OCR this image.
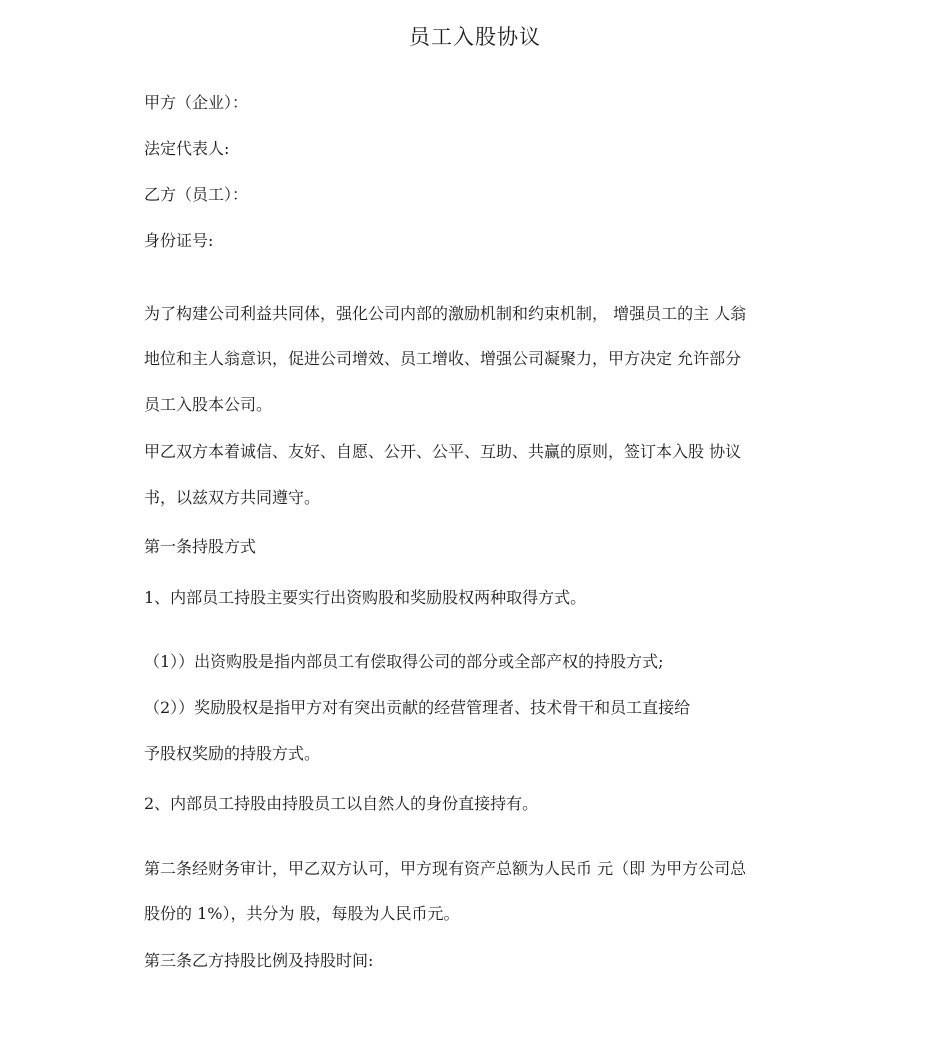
员工入股协议
甲方（企业）：
法定代表人:
乙方（员工）：
身份证号:
为了构建公司利益共同体，强化公司内部的激励机制和约束机制， 增强员工的主 人翁
地位和主人翁意识，促进公司增效、员工增收、增强公司凝聚力，甲方决定 允许部分
员工入股本公司。
甲乙双方本着诚信、友好、自愿、公开、公平、互助、共赢的原则，签订本入股 协议
书，以兹双方共同遵守。
第一条持股方式
1、内部员工持股主要实行出资购股和奖励股权两种取得方式。
（1））出资购股是指内部员工有偿取得公司的部分或全部产权的持股方式;
（2））奖励股权是指甲方对有突出贡献的经营管理者、技术骨干和员工直接给
予股权奖励的持股方式。
2、内部员工持股由持股员工以自然人的身份直接持有。
第二条经财务审计，甲乙双方认可，甲方现有资产总额为人民币 元（即 为甲方公司总
股份的 1%），共分为 股，每股为人民币元。
第三条乙方持股比例及持股时间:
